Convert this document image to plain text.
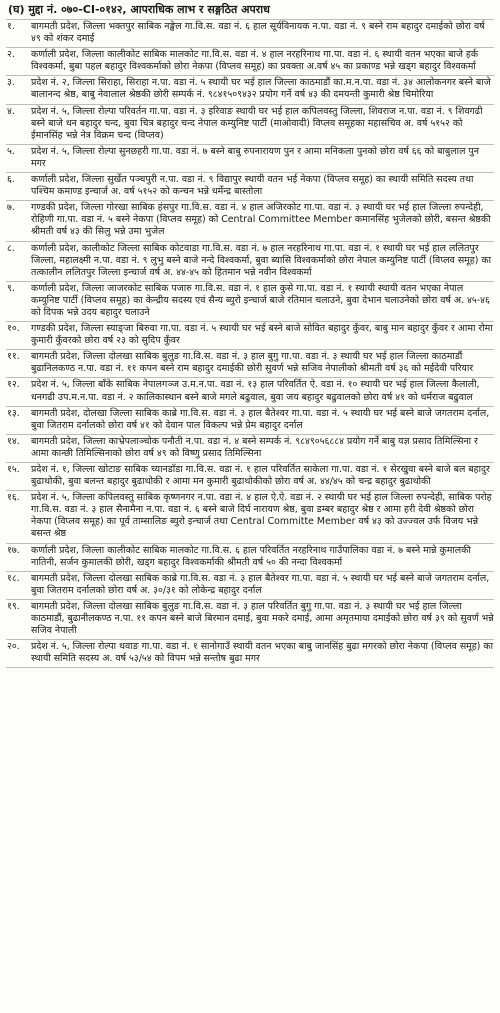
(घ) मुद्दा नं. ०७०-CI-०१४२, आपराधिक लाभ र सङ्गठित अपराध
१.	बागमती प्रदेश, जिल्ला भक्तपुर साबिक नङ्खेल गा.वि.स. वडा नं. ६ हाल सूर्यविनायक न.पा. वडा नं. ९ बस्ने राम बहादुर दमाईको छोरा वर्ष ४९ को शंकर दमाई
२.	कर्णाली प्रदेश, जिल्ला कालीकोट साबिक मालकोट गा.वि.स. वडा नं. ४ हाल नरहरिनाथ गा.पा. वडा नं. ६ स्थायी वतन भएका बाजे हर्क विश्वकर्मा, बुबा पहल बहादुर विश्वकर्माको छोरा नेकपा (विप्लव समूह) का प्रवक्ता अ.वर्ष ४५ का प्रकाण्ड भन्ने खड्ग बहादुर विश्वकर्मा
३.	प्रदेश नं. २, जिल्ला सिराहा, सिराहा न.पा. वडा नं. ५ स्थायी घर भई हाल जिल्ला काठमाडौं का.म.न.पा. वडा नं. ३४ आलोकनगर बस्ने बाजे बालानन्द श्रेष्ठ, बाबु नेवालाल श्रेष्ठकी छोरी सम्पर्क नं. ९८४१५०९४३२ प्रयोग गर्ने वर्ष ४३ की दमयन्ती कुमारी श्रेष्ठ चिमोरिया
४.	प्रदेश नं. ५, जिल्ला रोल्पा परिवर्तन गा.पा. वडा नं. ३ इरिवाङ स्थायी घर भई हाल कपिलवस्तु जिल्ला, शिवराज न.पा. वडा नं. ९ शिवगढी बस्ने बाजे धन बहादुर चन्द, बुवा चित्र बहादुर चन्द नेपाल कम्युनिष्ट पार्टी (माओवादी) विप्लव समूहका महासचिव अ. वर्ष ५१५२ को ईमानसिंह भन्ने नेत्र विक्रम चन्द (विप्लव)
५.	प्रदेश नं. ५, जिल्ला रोल्पा सुनछहरी गा.पा. वडा नं. ७ बस्ने बाबु रुपनारायण पुन र आमा मनिकला पुनको छोरा वर्ष ६६ को बाबुलाल पुन मगर
६.	कर्णाली प्रदेश, जिल्ला सुर्खेत पञ्चपुरी न.पा. वडा नं. ९ विद्यापुर स्थायी वतन भई नेकपा (विप्लव समूह) का स्थायी समिति सदस्य तथा पश्चिम कमाण्ड इन्चार्ज अ. वर्ष ५१५२ को कन्चन भन्ने धर्मेन्द्र बास्तोला
७.	गण्डकी प्रदेश, जिल्ला गोरखा साबिक हंसपुर गा.वि.स. वडा नं. ४ हाल अजिरकोट गा.पा. वडा नं. ३ स्थायी घर भई हाल जिल्ला रुपन्देही, रोहिणी गा.पा. वडा नं. ५ बस्ने नेकपा (विप्लव समूह) को Central Committee Member कमानसिंह भुजेलको छोरी, बसन्त श्रेष्ठकी श्रीमती वर्ष ४३ की सिलु भन्ने उमा भुजेल
८.	कर्णाली प्रदेश, कालीकोट जिल्ला साबिक कोटवाडा गा.वि.स. वडा नं. ७ हाल नरहरिनाथ गा.पा. वडा नं. १ स्थायी घर भई हाल ललितपुर जिल्ला, महालक्ष्मी न.पा. वडा नं. ९ लुभु बस्ने बाजे नन्दे विश्वकर्मा, बुवा ब्यासि विश्वकर्माको छोरा नेपाल कम्युनिष्ट पार्टी (विप्लव समूह) का तत्कालीन ललितपुर जिल्ला इन्चार्ज वर्ष अ. ४४-४५ को हितमान भन्ने नवीन विश्वकर्मा
९.	कर्णाली प्रदेश, जिल्ला जाजरकोट साबिक पजारु गा.वि.स. वडा नं. १ हाल कुसे गा.पा. वडा नं. १ स्थायी स्थायी वतन भएका नेपाल कम्युनिष्ट पार्टी (विप्लव समूह) का केन्द्रीय सदस्य एवं सैन्य ब्युरो इन्चार्ज बाजे रतिमान चलाउने, बुवा देभान चलाउनेको छोरा वर्ष अ. ४५-४६ को दिपक भन्ने उदय बहादुर चलाउने
१०.	गण्डकी प्रदेश, जिल्ला स्याङ्जा बिरुवा गा.पा. वडा नं. ५ स्थायी घर भई बस्ने बाजे सोवित बहादुर कुँवर, बाबु मान बहादुर कुँवर र आमा रोमा कुमारी कुँवरको छोरा वर्ष २३ को सुदिप कुँवर
११.	बागमती प्रदेश, जिल्ला दोलखा साबिक बुलुङ गा.वि.स. वडा नं. ३ हाल बुगु गा.पा. वडा नं. ३ स्थायी घर भई हाल जिल्ला काठमाडौं बुढानिलकण्ठ न.पा. वडा नं. ११ कपन बस्ने राम बहादुर दमाईकी छोरी सुवर्ण भन्ने सजिव नेपालीको श्रीमती वर्ष ३६ को मईदेवी परियार
१२.	प्रदेश नं. ५, जिल्ला बाँके साबिक नेपालगञ्ज उ.म.न.पा. वडा नं. १३ हाल परिवर्तित ऐ. वडा नं. १० स्थायी घर भई हाल जिल्ला कैलाली, धनगढी उप.म.न.पा. वडा नं. २ कालिकास्थान बस्ने बाजे मगले बढुवाल, बुवा जय बहादुर बढुवालको छोरा वर्ष ४१ को धर्मराज बढुवाल
१३.	बागमती प्रदेश, दोलखा जिल्ला साबिक काब्रे गा.वि.स. वडा नं. ३ हाल बैतेश्वर गा.पा. वडा नं. ५ स्थायी घर भई बस्ने बाजे जगतराम दर्नाल, बुवा जितराम दर्नालको छोरा वर्ष ४१ को देवान पाल विकल्प भन्ने प्रेम बहादुर दर्नाल
१४.	बागमती प्रदेश, जिल्ला काभ्रेपलाञ्चोक पनौती न.पा. वडा नं. ४ बस्ने सम्पर्क नं. ९८४९०५६८८४ प्रयोग गर्ने बाबु यज्ञ प्रसाद तिमिल्सिना र आमा कान्छी तिमिल्सिनाको छोरा वर्ष ४९ को विष्णु प्रसाद तिमिल्सिना
१५.	प्रदेश नं. १, जिल्ला खोटाङ साबिक च्यानडाँडा गा.वि.स. वडा नं. १ हाल परिवर्तित साकेला गा.पा. वडा नं. १ सेरखुवा बस्ने बाजे बल बहादुर बुढाथोकी, बुवा बलन्त बहादुर बुढाथोकी र आमा मन कुमारी बुढाथोकीको छोरा वर्ष अ. ४४/४५ को चन्द्र बहादुर बुढाथोकी
१६.	प्रदेश नं. ५, जिल्ला कपिलवस्तु साबिक कृष्णनगर न.पा. वडा नं. ४ हाल ऐ.ऐ. वडा नं. २ स्थायी घर भई हाल जिल्ला रुपन्देही, साबिक परोह गा.वि.स. वडा नं. ३ हाल सैनामैना न.पा. वडा नं. ६ बस्ने बाजे दिर्घ नारायण श्रेष्ठ, बुवा डम्बर बहादुर श्रेष्ठ र आमा हरी देवी श्रेष्ठको छोरा नेकपा (विप्लव समूह) का पूर्व ताम्सालिङ ब्युरो इन्चार्ज तथा Central Committe Member वर्ष ४३ को उज्ज्वल उर्फ विजय भन्ने बसन्त श्रेष्ठ
१७.	कर्णाली प्रदेश, जिल्ला कालीकोट साबिक मालकोट गा.वि.स. ६ हाल परिवर्तित नरहरिनाथ गाउँपालिका वडा नं. ७ बस्ने मान्ने कुमालकी नातिनी, सर्जन कुमालकी छोरी, खड्ग बहादुर विश्वकर्माकी श्रीमती वर्ष ५० की नन्दा विश्वकर्मा
१८.	बागमती प्रदेश, जिल्ला दोलखा साबिक काब्रे गा.वि.स. वडा नं. ३ हाल बैतेश्वर गा.पा. वडा नं. ५ स्थायी घर भई बस्ने बाजे जगतराम दर्नाल, बुवा जितराम दर्नालको छोरा वर्ष अ. ३०/३१ को लोकेन्द्र बहादुर दर्नाल
१९.	बागमती प्रदेश, जिल्ला दोलखा साबिक बुलुङ गा.वि.स. वडा नं. ३ हाल परिवर्तित बुगु गा.पा. वडा नं. ३ स्थायी घर भई हाल जिल्ला काठमाडौं, बुढानीलकण्ठ न.पा. ११ कपन बस्ने बाजे बिरमान दमाई, बुवा मकरे दमाई, आमा अमृतमाया दमाईको छोरा वर्ष ३९ को सुवर्ण भन्ने सजिव नेपाली
२०.	प्रदेश नं. ५, जिल्ला रोल्पा थवाङ गा.पा. वडा नं. १ सानोगाउँ स्थायी वतन भएका बाबु जानसिंह बुढा मगरको छोरा नेकपा (विप्लव समूह) का स्थायी समिति सदस्य अ. वर्ष ५३/५४ को विपम भन्ने सन्तोष बुढा मगर
